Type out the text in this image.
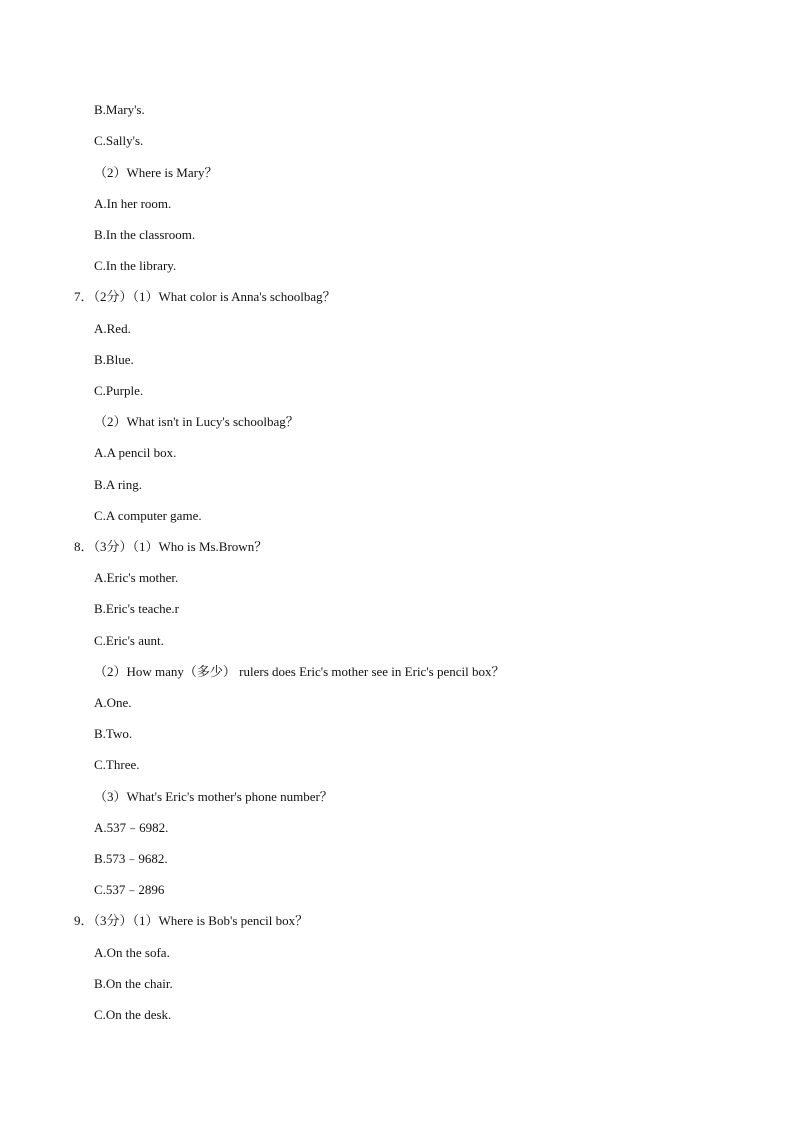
B.Mary's.
C.Sally's.
（2）Where is Mary？
A.In her room.
B.In the classroom.
C.In the library.
7．（2分）（1）What color is Anna's schoolbag？
A.Red.
B.Blue.
C.Purple.
（2）What isn't in Lucy's schoolbag？
A.A pencil box.
B.A ring.
C.A computer game.
8．（3分）（1）Who is Ms.Brown？
A.Eric's mother.
B.Eric's teache.r
C.Eric's aunt.
（2）How many（多少） rulers does Eric's mother see in Eric's pencil box？
A.One.
B.Two.
C.Three.
（3）What's Eric's mother's phone number？
A.537﹣6982.
B.573﹣9682.
C.537﹣2896
9．（3分）（1）Where is Bob's pencil box？
A.On the sofa.
B.On the chair.
C.On the desk.
